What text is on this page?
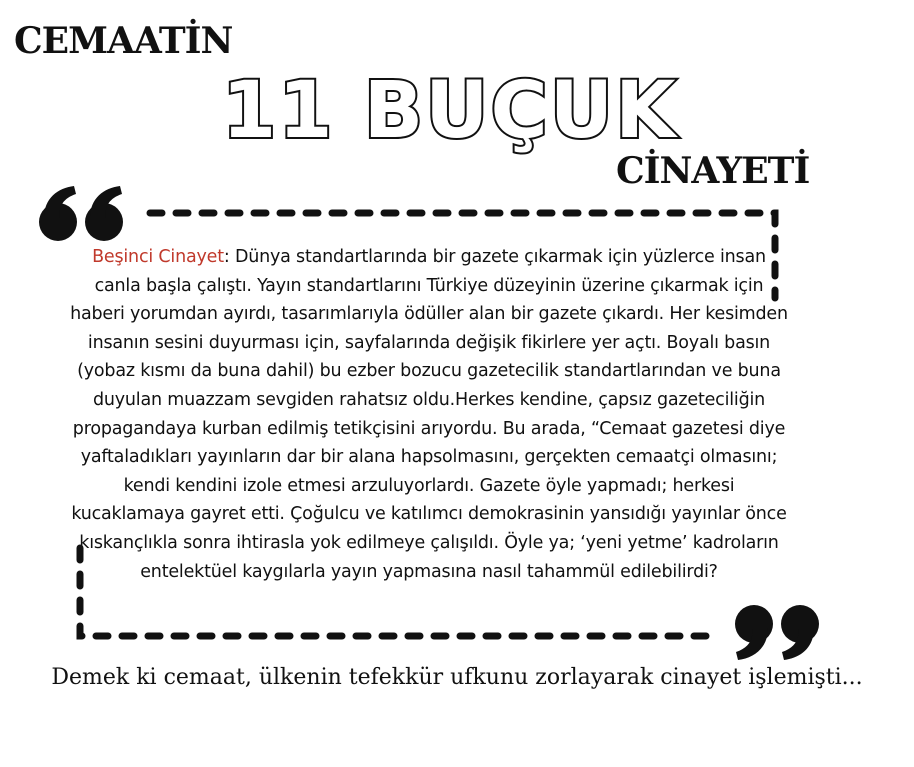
CEMAATİN
11 BUÇUK
CİNAYETİ
Beşinci Cinayet: Dünya standartlarında bir gazete çıkarmak için yüzlerce insan canla başla çalıştı. Yayın standartlarını Türkiye düzeyinin üzerine çıkarmak için haberi yorumdan ayırdı, tasarımlarıyla ödüller alan bir gazete çıkardı. Her kesimden insanın sesini duyurması için, sayfalarında değişik fikirlere yer açtı. Boyalı basın (yobaz kısmı da buna dahil) bu ezber bozucu gazetecilik standartlarından ve buna duyulan muazzam sevgiden rahatsız oldu.Herkes kendine, çapsız gazeteciliğin propagandaya kurban edilmiş tetikçisini arıyordu. Bu arada, “Cemaat gazetesi diye yaftaladıkları yayınların dar bir alana hapsolmasını, gerçekten cemaatçi olmasını; kendi kendini izole etmesi arzuluyorlardı. Gazete öyle yapmadı; herkesi kucaklamaya gayret etti. Çoğulcu ve katılımcı demokrasinin yansıdığı yayınlar önce kıskançlıkla sonra ihtirasla yok edilmeye çalışıldı. Öyle ya; ‘yeni yetme’ kadroların entelektüel kaygılarla yayın yapmasına nasıl tahammül edilebilirdi?
Demek ki cemaat, ülkenin tefekkür ufkunu zorlayarak cinayet işlemişti...
